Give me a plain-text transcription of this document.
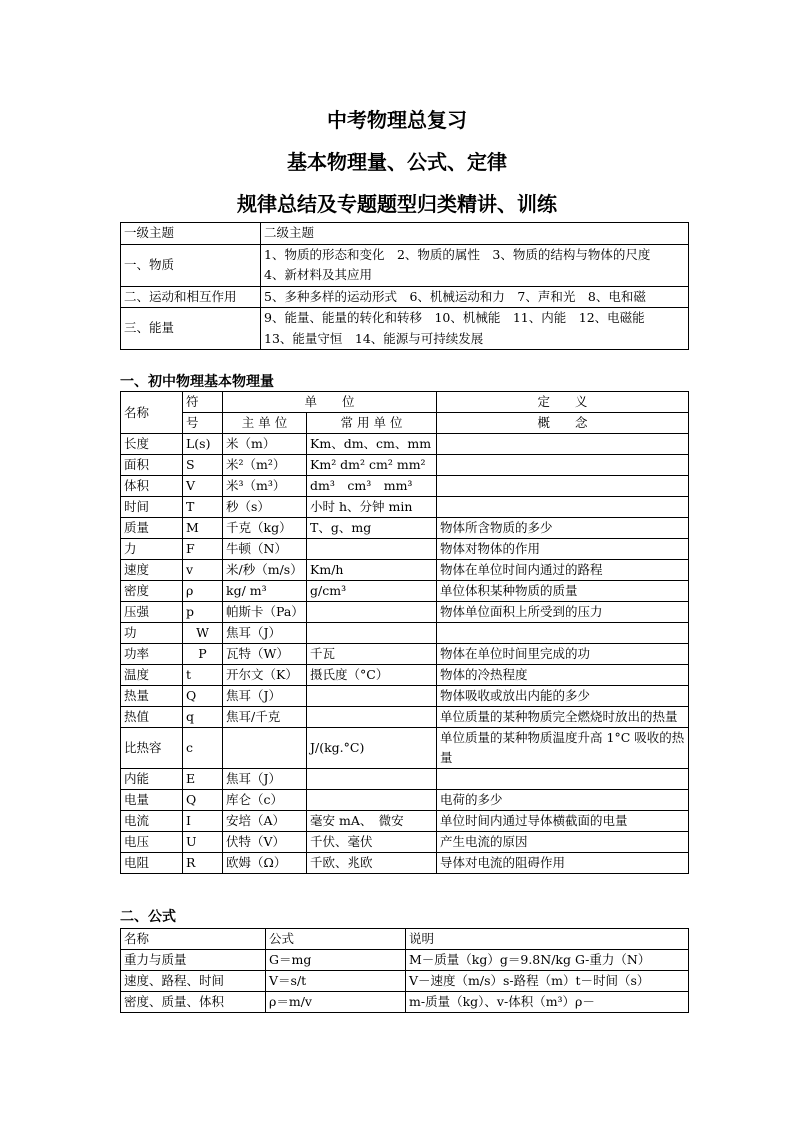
中考物理总复习
基本物理量、公式、定律
规律总结及专题题型归类精讲、训练
一级主题	二级主题
一、物质	1、物质的形态和变化　2、物质的属性　3、物质的结构与物体的尺度
4、新材料及其应用

二、运动和相互作用	5、多种多样的运动形式　6、机械运动和力　7、声和光　8、电和磁

三、能量	9、能量、能量的转化和转移　10、机械能　11、内能　12、电磁能
13、能量守恒　14、能源与可持续发展
一、初中物理基本物理量
名称	符	单　　位		定　　义
	号	主 单 位	常 用 单 位	概　　念
长度	L(s)	米（m）	Km、dm、cm、mm	
面积	S	米²（m²）	Km² dm² cm² mm²	
体积	V	米³（m³）	dm³　cm³　mm³	
时间	T	秒（s）	小时 h、分钟 min	
质量	M	千克（kg）	T、g、mg	物体所含物质的多少
力	F	牛顿（N）		物体对物体的作用
速度	v	米/秒（m/s）	Km/h	物体在单位时间内通过的路程
密度	ρ	kg/ m³	g/cm³	单位体积某种物质的质量
压强	p	帕斯卡（Pa）		物体单位面积上所受到的压力
功	W	焦耳（J）		
功率	P	瓦特（W）	千瓦	物体在单位时间里完成的功
温度	t	开尔文（K）	摄氏度（°C）	物体的冷热程度
热量	Q	焦耳（J）		物体吸收或放出内能的多少
热值	q	焦耳/千克		单位质量的某种物质完全燃烧时放出的热量
比热容	c		J/(kg.°C)	单位质量的某种物质温度升高 1°C 吸收的热量
内能	E	焦耳（J）		
电量	Q	库仑（c）		电荷的多少
电流	I	安培（A）	毫安 mA、　微安	单位时间内通过导体横截面的电量
电压	U	伏特（V）	千伏、毫伏	产生电流的原因
电阻	R	欧姆（Ω）	千欧、兆欧	导体对电流的阻碍作用
二、公式
名称	公式	说明
重力与质量	G＝mg	M－质量（kg）g＝9.8N/kg G-重力（N）
速度、路程、时间	V＝s/t	V－速度（m/s）s-路程（m）t－时间（s）
密度、质量、体积	ρ＝m/v	m-质量（kg）、v-体积（m³）ρ－
